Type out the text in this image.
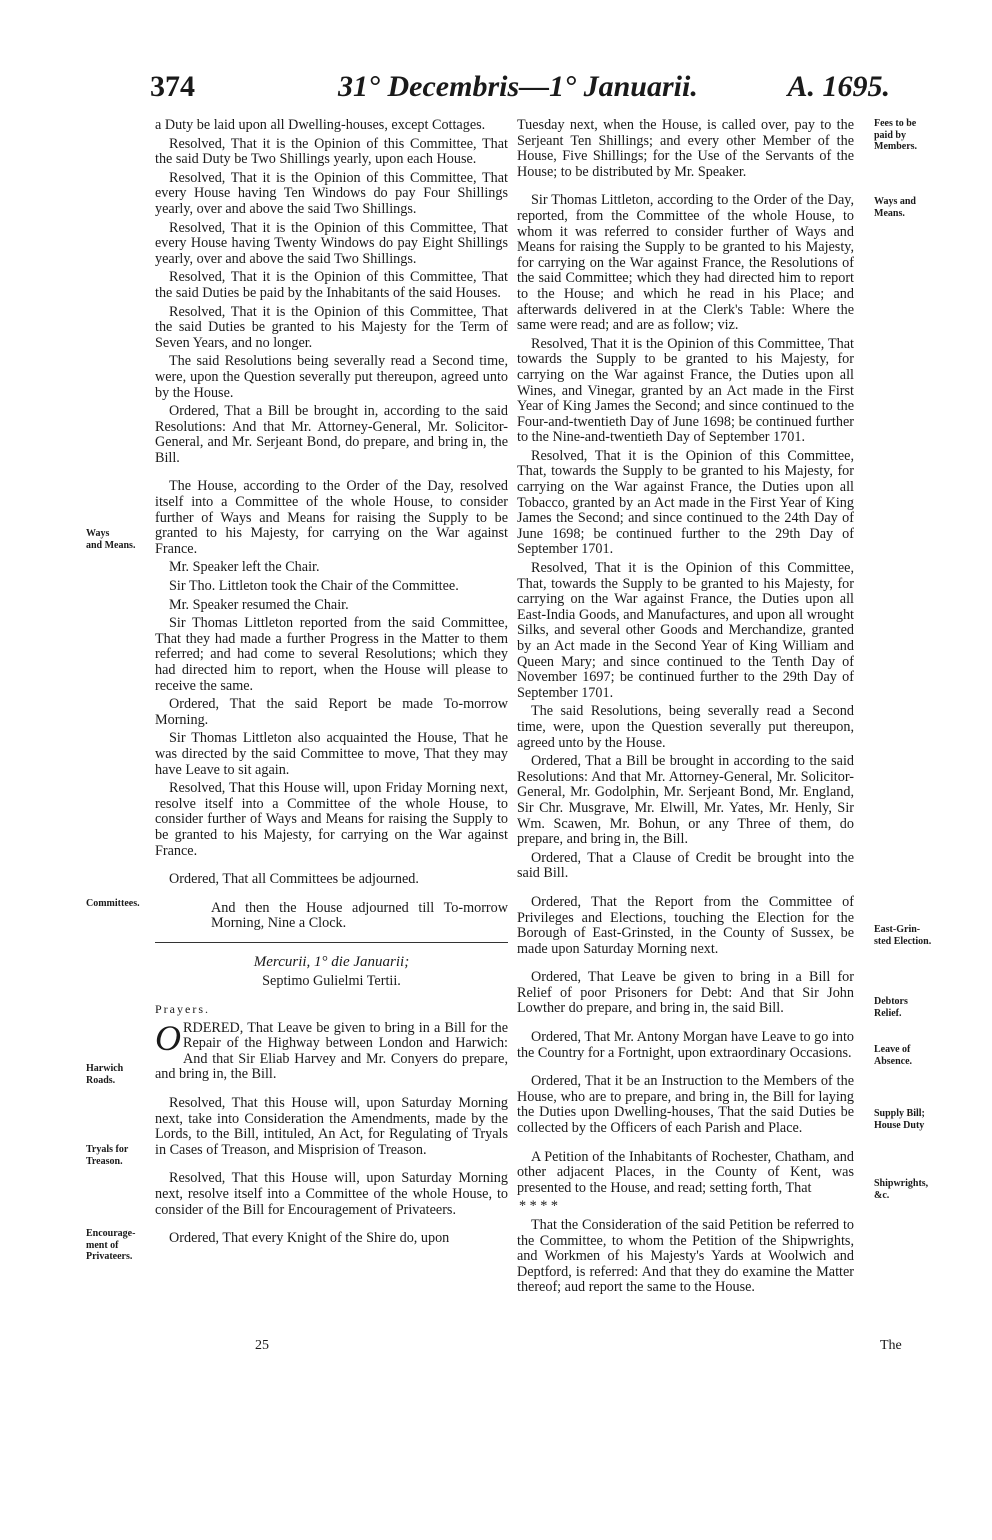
374	31° Decembris—1° Januarii.	A. 1695.

a Duty be laid upon all Dwelling-houses, except Cottages.

Resolved, That it is the Opinion of this Committee, That the said Duty be Two Shillings yearly, upon each House.

Resolved, That it is the Opinion of this Committee, That every House having Ten Windows do pay Four Shillings yearly, over and above the said Two Shillings.

Resolved, That it is the Opinion of this Committee, That every House having Twenty Windows do pay Eight Shillings yearly, over and above the said Two Shillings.

Resolved, That it is the Opinion of this Committee, That the said Duties be paid by the Inhabitants of the said Houses.

Resolved, That it is the Opinion of this Committee, That the said Duties be granted to his Majesty for the Term of Seven Years, and no longer.

The said Resolutions being severally read a Second time, were, upon the Question severally put thereupon, agreed unto by the House.

Ordered, That a Bill be brought in, according to the said Resolutions: And that Mr. Attorney-General, Mr. Solicitor-General, and Mr. Serjeant Bond, do prepare, and bring in, the Bill.

The House, according to the Order of the Day, resolved itself into a Committee of the whole House, to consider further of Ways and Means for raising the Supply to be granted to his Majesty, for carrying on the War against France.

Mr. Speaker left the Chair.

Sir Tho. Littleton took the Chair of the Committee.

Mr. Speaker resumed the Chair.

Sir Thomas Littleton reported from the said Committee, That they had made a further Progress in the Matter to them referred; and had come to several Resolutions; which they had directed him to report, when the House will please to receive the same.

Ordered, That the said Report be made To-morrow Morning.

Sir Thomas Littleton also acquainted the House, That he was directed by the said Committee to move, That they may have Leave to sit again.

Resolved, That this House will, upon Friday Morning next, resolve itself into a Committee of the whole House, to consider further of Ways and Means for raising the Supply to be granted to his Majesty, for carrying on the War against France.

Ordered, That all Committees be adjourned.

And then the House adjourned till To-morrow Morning, Nine a Clock.

Mercurii, 1° die Januarii;

Septimo Gulielmi Tertii.

Prayers.

ORDERED, That Leave be given to bring in a Bill for the Repair of the Highway between London and Harwich: And that Sir Eliab Harvey and Mr. Conyers do prepare, and bring in, the Bill.

Resolved, That this House will, upon Saturday Morning next, take into Consideration the Amendments, made by the Lords, to the Bill, intituled, An Act, for Regulating of Tryals in Cases of Treason, and Misprision of Treason.

Resolved, That this House will, upon Saturday Morning next, resolve itself into a Committee of the whole House, to consider of the Bill for Encouragement of Privateers.

Ordered, That every Knight of the Shire do, upon

Tuesday next, when the House, is called over, pay to the Serjeant Ten Shillings; and every other Member of the House, Five Shillings; for the Use of the Servants of the House; to be distributed by Mr. Speaker.

Sir Thomas Littleton, according to the Order of the Day, reported, from the Committee of the whole House, to whom it was referred to consider further of Ways and Means for raising the Supply to be granted to his Majesty, for carrying on the War against France, the Resolutions of the said Committee; which they had directed him to report to the House; and which he read in his Place; and afterwards delivered in at the Clerk's Table: Where the same were read; and are as follow; viz.

Resolved, That it is the Opinion of this Committee, That towards the Supply to be granted to his Majesty, for carrying on the War against France, the Duties upon all Wines, and Vinegar, granted by an Act made in the First Year of King James the Second; and since continued to the Four-and-twentieth Day of June 1698; be continued further to the Nine-and-twentieth Day of September 1701.

Resolved, That it is the Opinion of this Committee, That, towards the Supply to be granted to his Majesty, for carrying on the War against France, the Duties upon all Tobacco, granted by an Act made in the First Year of King James the Second; and since continued to the 24th Day of June 1698; be continued further to the 29th Day of September 1701.

Resolved, That it is the Opinion of this Committee, That, towards the Supply to be granted to his Majesty, for carrying on the War against France, the Duties upon all East-India Goods, and Manufactures, and upon all wrought Silks, and several other Goods and Merchandize, granted by an Act made in the Second Year of King William and Queen Mary; and since continued to the Tenth Day of November 1697; be continued further to the 29th Day of September 1701.

The said Resolutions, being severally read a Second time, were, upon the Question severally put thereupon, agreed unto by the House.

Ordered, That a Bill be brought in according to the said Resolutions: And that Mr. Attorney-General, Mr. Solicitor-General, Mr. Godolphin, Mr. Serjeant Bond, Mr. England, Sir Chr. Musgrave, Mr. Elwill, Mr. Yates, Mr. Henly, Sir Wm. Scawen, Mr. Bohun, or any Three of them, do prepare, and bring in, the Bill.

Ordered, That a Clause of Credit be brought into the said Bill.

Ordered, That the Report from the Committee of Privileges and Elections, touching the Election for the Borough of East-Grinsted, in the County of Sussex, be made upon Saturday Morning next.

Ordered, That Leave be given to bring in a Bill for Relief of poor Prisoners for Debt: And that Sir John Lowther do prepare, and bring in, the said Bill.

Ordered, That Mr. Antony Morgan have Leave to go into the Country for a Fortnight, upon extraordinary Occasions.

Ordered, That it be an Instruction to the Members of the House, who are to prepare, and bring in, the Bill for laying the Duties upon Dwelling-houses, That the said Duties be collected by the Officers of each Parish and Place.

A Petition of the Inhabitants of Rochester, Chatham, and other adjacent Places, in the County of Kent, was presented to the House, and read; setting forth, That

* * * *

That the Consideration of the said Petition be referred to the Committee, to whom the Petition of the Shipwrights, and Workmen of his Majesty's Yards at Woolwich and Deptford, is referred: And that they do examine the Matter thereof; aud report the same to the House.

Ways
and Means.
Committees.
Harwich
Roads.
Tryals for
Treason.
Encourage-
ment of
Privateers.
Fees to be
paid by
Members.
Ways and
Means.
East-Grin-
sted Election.
Debtors
Relief.
Leave of
Absence.
Supply Bill;
House Duty
Shipwrights,
&c.
25	The
